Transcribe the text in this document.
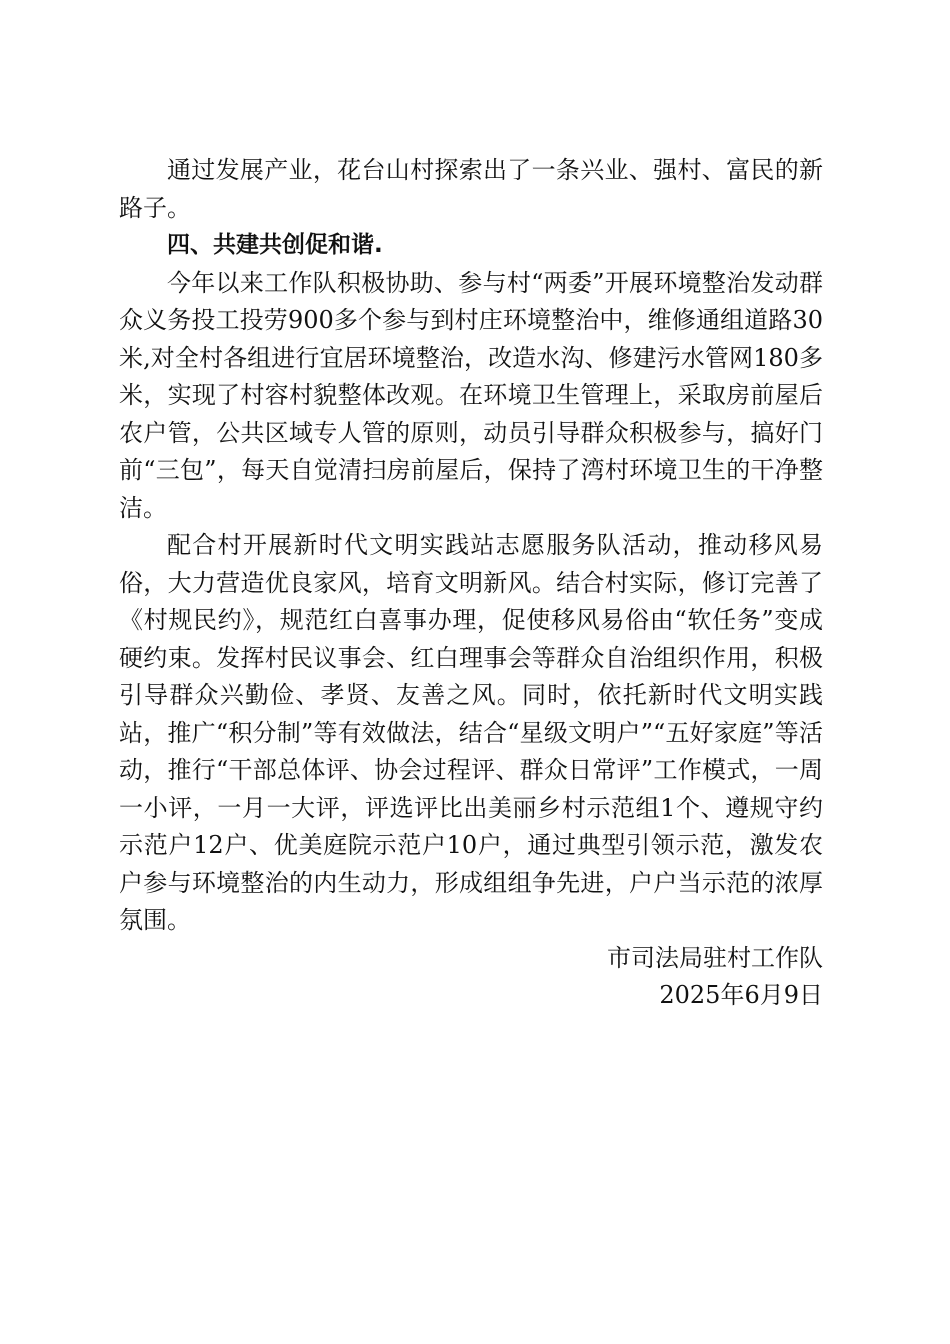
通过发展产业，花台山村探索出了一条兴业、强村、富民的新路子。

四、共建共创促和谐.

今年以来工作队积极协助、参与村“两委”开展环境整治发动群众义务投工投劳900多个参与到村庄环境整治中，维修通组道路30米,对全村各组进行宜居环境整治，改造水沟、修建污水管网180多米，实现了村容村貌整体改观。在环境卫生管理上，采取房前屋后农户管，公共区域专人管的原则，动员引导群众积极参与，搞好门前“三包”，每天自觉清扫房前屋后，保持了湾村环境卫生的干净整洁。

配合村开展新时代文明实践站志愿服务队活动，推动移风易俗，大力营造优良家风，培育文明新风。结合村实际，修订完善了《村规民约》，规范红白喜事办理，促使移风易俗由“软任务”变成硬约束。发挥村民议事会、红白理事会等群众自治组织作用，积极引导群众兴勤俭、孝贤、友善之风。同时，依托新时代文明实践站，推广“积分制”等有效做法，结合“星级文明户”“五好家庭”等活动，推行“干部总体评、协会过程评、群众日常评”工作模式，一周一小评，一月一大评，评选评比出美丽乡村示范组1个、遵规守约示范户12户、优美庭院示范户10户，通过典型引领示范，激发农户参与环境整治的内生动力，形成组组争先进，户户当示范的浓厚氛围。

市司法局驻村工作队

2025年6月9日
